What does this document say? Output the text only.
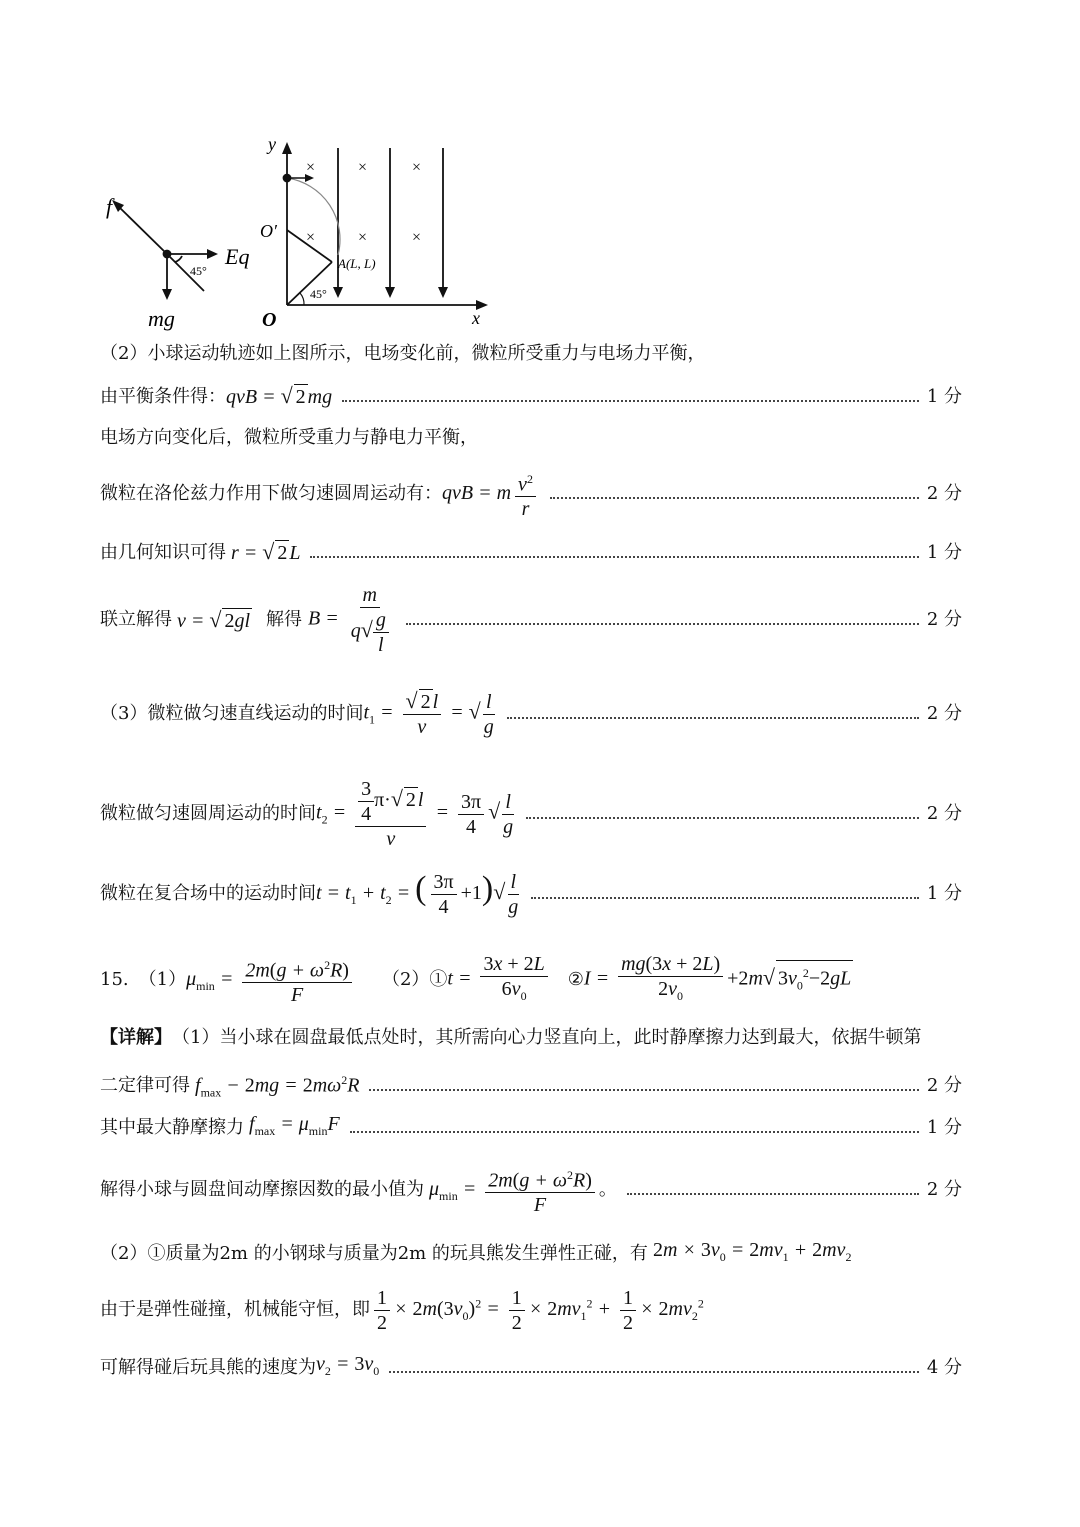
f
Eq
mg
45°
×	×	×
×	×	×
y
x
O
O′
A(L, L)
45°
（2）小球运动轨迹如上图所示，电场变化前，微粒所受重力与电场力平衡，
由平衡条件得： qvB = √ 2 mg	1 分
电场方向变化后，微粒所受重力与静电力平衡，
微粒在洛伦兹力作用下做匀速圆周运动有： qvB = m $\frac{v^2}{r}$	2 分
由几何知识可得 r = √ 2 L	1 分
联立解得 v = √ 2gl 解得 $B = \frac{m}{q√ \frac{g}{l}}$	2 分
（3）微粒做匀速直线运动的时间 $t_1 = \frac{√ 2 l}{v}$ = √ $\frac{l}{g}$	2 分
微粒做匀速圆周运动的时间 $t_2 = \frac{\frac{3}{4} \pi\cdot√ 2 l}{v} = \frac{3\pi}{4}$ √ $\frac{l}{g}$	2 分
微粒在复合场中的运动时间 $t = t_1 + t_2$ = ( $\frac{3\pi}{4} +1)√ \frac{l}{g}$	1 分
15. （1） $\mu_{min} = \frac{2m(g + \omega^2R)}{F}$ （2）① $t = \frac{3x + 2L}{6v_0}$ ② $I = \frac{mg(3x + 2L)}{2v_0} +2m√$ $3v_0^2-2gL$
【详解】 （1）当小球在圆盘最低点处时，其所需向心力竖直向上，此时静摩擦力达到最大，依据牛顿第
二定律可得 $f_{max} - 2mg = 2m\omega^2R$	2 分
其中最大静摩擦力 $f_{max} = \mu_{min}F$	1 分
解得小球与圆盘间动摩擦因数的最小值为 $\mu_{min} = \frac{2m(g + \omega^2R)}{F}$ 。	2 分
（2）①质量为2m 的小钢球与质量为2m 的玩具熊发生弹性正碰，有 $2m \times 3v_0 = 2mv_1 + 2mv_2$
由于是弹性碰撞，机械能守恒，即 $\frac{1}{2} \times 2m(3v_0)^2 = \frac{1}{2} \times 2mv_1^2 + \frac{1}{2} \times 2mv_2^2$
可解得碰后玩具熊的速度为 $v_2 = 3v_0$	4 分
